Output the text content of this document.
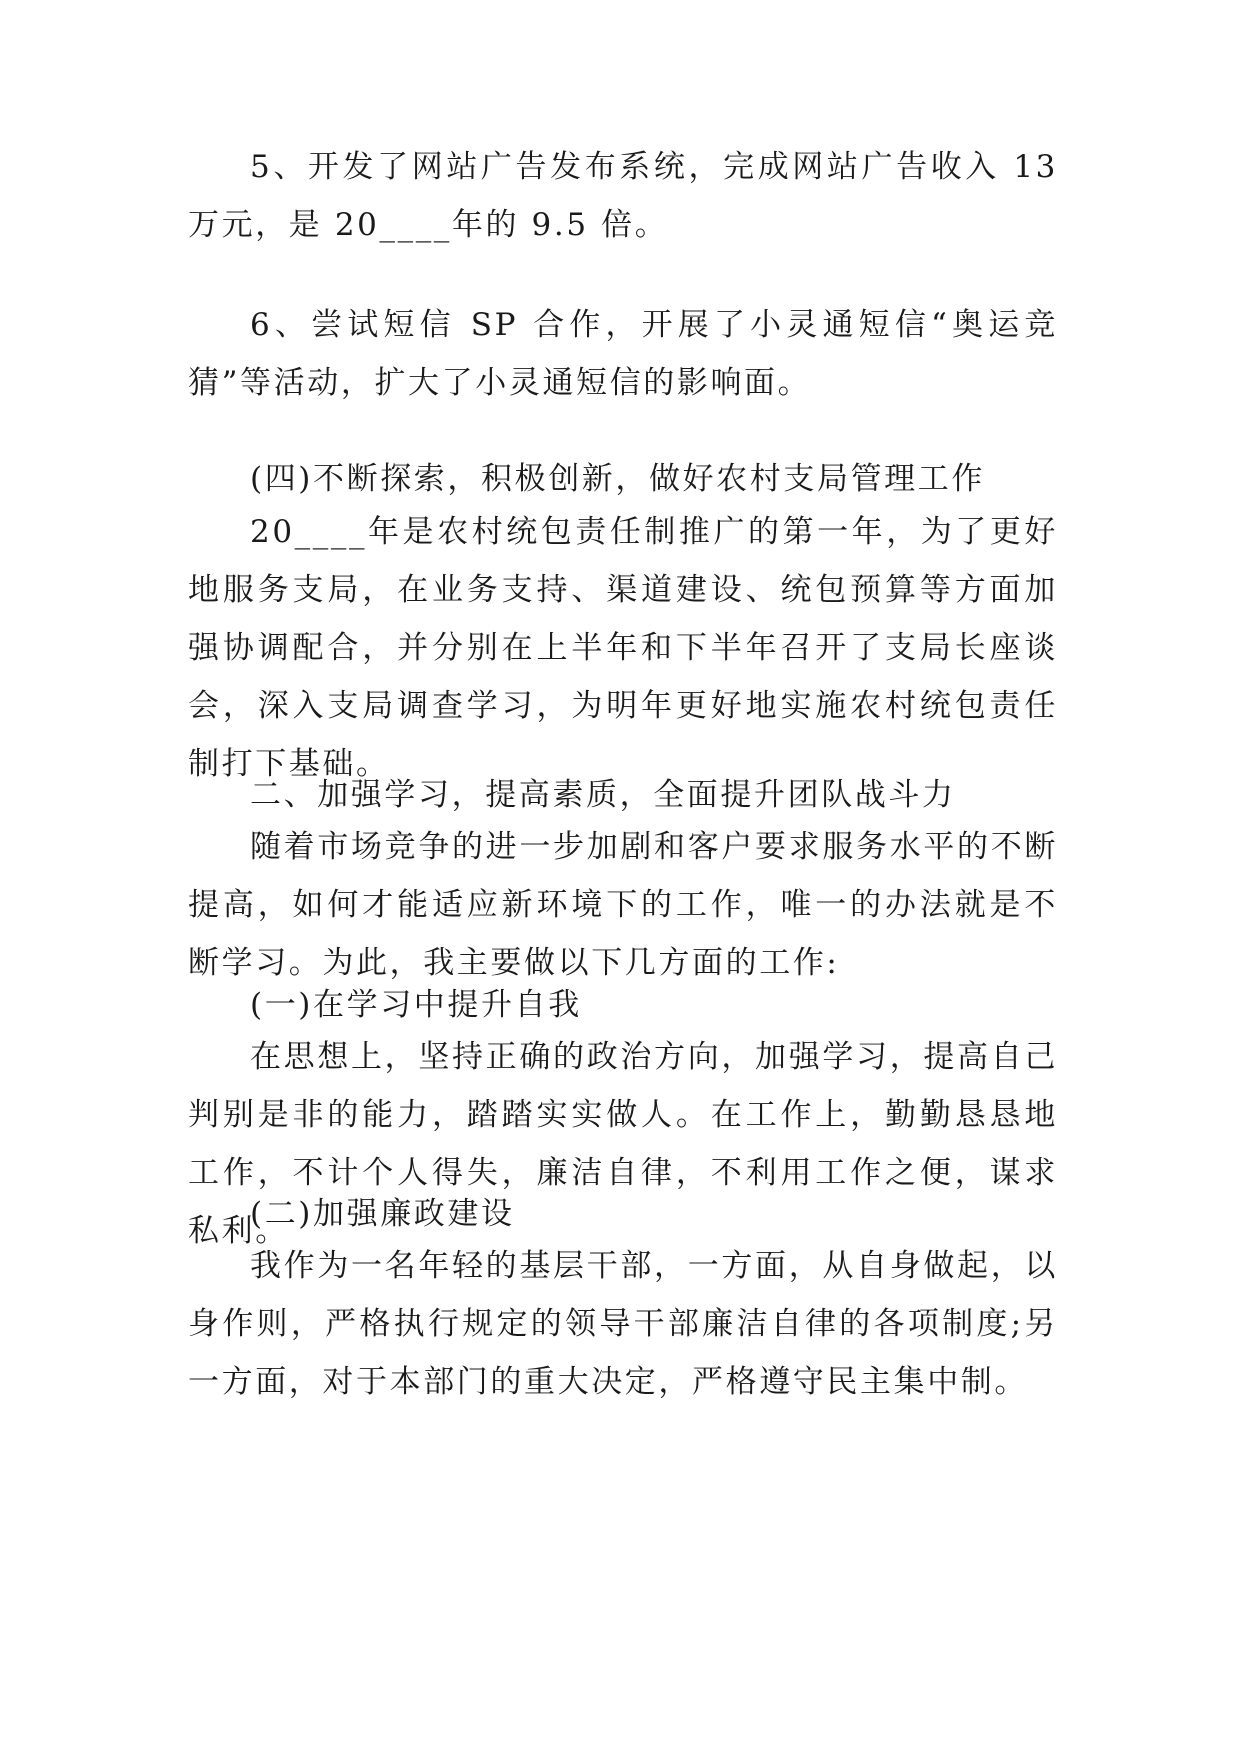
5、开发了网站广告发布系统，完成网站广告收入 13 万元，是 20____年的 9.5 倍。

6、尝试短信 SP 合作，开展了小灵通短信“奥运竞猜”等活动，扩大了小灵通短信的影响面。

(四)不断探索，积极创新，做好农村支局管理工作

20____年是农村统包责任制推广的第一年，为了更好地服务支局，在业务支持、渠道建设、统包预算等方面加强协调配合，并分别在上半年和下半年召开了支局长座谈会，深入支局调查学习，为明年更好地实施农村统包责任制打下基础。

二、加强学习，提高素质，全面提升团队战斗力

随着市场竞争的进一步加剧和客户要求服务水平的不断提高，如何才能适应新环境下的工作，唯一的办法就是不断学习。为此，我主要做以下几方面的工作:

(一)在学习中提升自我

在思想上，坚持正确的政治方向，加强学习，提高自己判别是非的能力，踏踏实实做人。在工作上，勤勤恳恳地工作，不计个人得失，廉洁自律，不利用工作之便，谋求私利。

(二)加强廉政建设

我作为一名年轻的基层干部，一方面，从自身做起，以身作则，严格执行规定的领导干部廉洁自律的各项制度;另一方面，对于本部门的重大决定，严格遵守民主集中制。
